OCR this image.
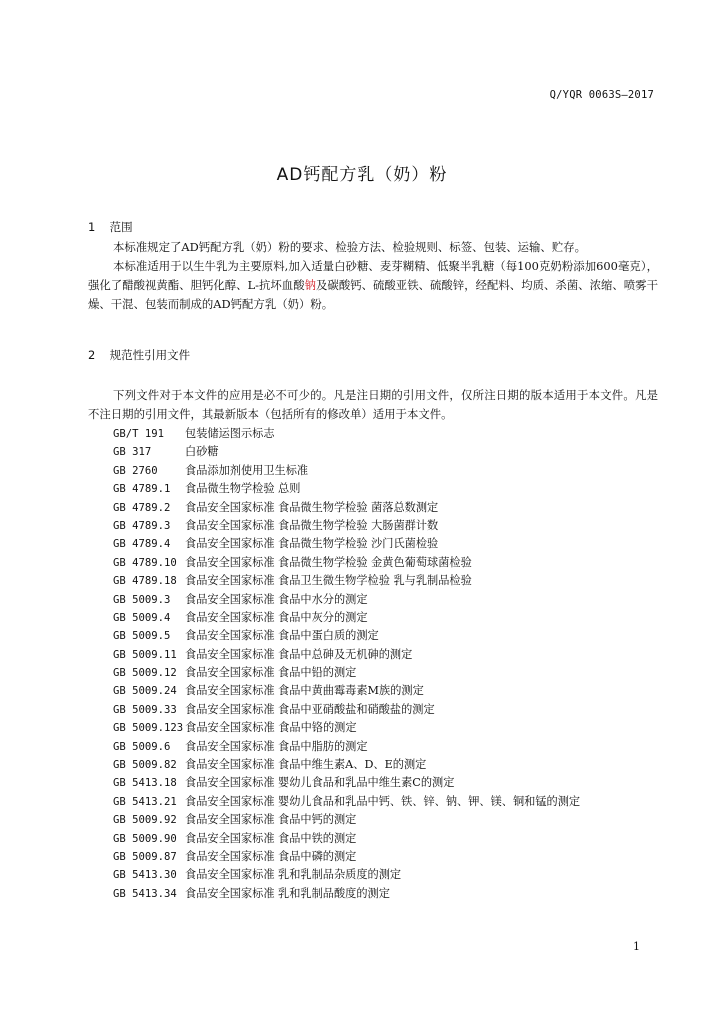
Q/YQR 0063S—2017
AD钙配方乳（奶）粉
1 范围
本标准规定了AD钙配方乳（奶）粉的要求、检验方法、检验规则、标签、包装、运输、贮存。
本标准适用于以生牛乳为主要原料,加入适量白砂糖、麦芽糊精、低聚半乳糖（每100克奶粉添加600毫克），强化了醋酸视黄酯、胆钙化醇、L-抗坏血酸钠及碳酸钙、硫酸亚铁、硫酸锌，经配料、均质、杀菌、浓缩、喷雾干燥、干混、包装而制成的AD钙配方乳（奶）粉。
2 规范性引用文件
下列文件对于本文件的应用是必不可少的。凡是注日期的引用文件，仅所注日期的版本适用于本文件。凡是不注日期的引用文件，其最新版本（包括所有的修改单）适用于本文件。
GB/T 191 包装储运图示标志
GB 317	白砂糖
GB 2760 食品添加剂使用卫生标准
GB 4789.1 食品微生物学检验 总则
GB 4789.2 食品安全国家标准 食品微生物学检验 菌落总数测定
GB 4789.3 食品安全国家标准 食品微生物学检验 大肠菌群计数
GB 4789.4 食品安全国家标准 食品微生物学检验 沙门氏菌检验
GB 4789.10 食品安全国家标准 食品微生物学检验 金黄色葡萄球菌检验
GB 4789.18 食品安全国家标准 食品卫生微生物学检验 乳与乳制品检验
GB 5009.3 食品安全国家标准 食品中水分的测定
GB 5009.4 食品安全国家标准 食品中灰分的测定
GB 5009.5 食品安全国家标准 食品中蛋白质的测定
GB 5009.11 食品安全国家标准 食品中总砷及无机砷的测定
GB 5009.12 食品安全国家标准 食品中铅的测定
GB 5009.24 食品安全国家标准 食品中黄曲霉毒素M族的测定
GB 5009.33 食品安全国家标准 食品中亚硝酸盐和硝酸盐的测定
GB 5009.123 食品安全国家标准 食品中铬的测定
GB 5009.6 食品安全国家标准 食品中脂肪的测定
GB 5009.82 食品安全国家标准 食品中维生素A、D、E的测定
GB 5413.18 食品安全国家标准 婴幼儿食品和乳品中维生素C的测定
GB 5413.21 食品安全国家标准 婴幼儿食品和乳品中钙、铁、锌、钠、钾、镁、铜和锰的测定
GB 5009.92 食品安全国家标准 食品中钙的测定
GB 5009.90 食品安全国家标准 食品中铁的测定
GB 5009.87 食品安全国家标准 食品中磷的测定
GB 5413.30 食品安全国家标准 乳和乳制品杂质度的测定
GB 5413.34 食品安全国家标准 乳和乳制品酸度的测定
1
